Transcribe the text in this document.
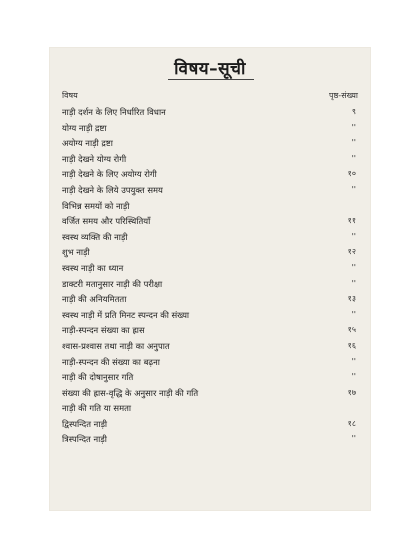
विषय–सूची
विषय	पृष्ठ-संख्या
नाड़ी दर्शन के लिए निर्धारित विधान	९
योग्य नाड़ी द्रष्टा	''
अयोग्य नाड़ी द्रष्टा	''
नाड़ी देखने योग्य रोगी	''
नाड़ी देखने के लिए अयोग्य रोगी	१०
नाड़ी देखने के लिये उपयुक्त समय	''
विभिन्न समयों को नाड़ी
वर्जित समय और परिस्थितियाँ	११
स्वस्थ व्यक्ति की नाड़ी	''
शुभ नाड़ी	१२
स्वस्थ नाड़ी का ध्यान	''
डाक्टरी मतानुसार नाड़ी की परीक्षा	''
नाड़ी की अनियमितता	१३
स्वस्थ नाड़ी में प्रति मिनट स्पन्दन की संख्या	''
नाड़ी-स्पन्दन संख्या का ह्रास	१५
श्वास-प्रश्वास तथा नाड़ी का अनुपात	१६
नाड़ी-स्पन्दन की संख्या का बढ़ना	''
नाड़ी की दोषानुसार गति	''
संख्या की ह्रास-वृद्धि के अनुसार नाड़ी की गति	१७
नाड़ी की गति या समता
द्विस्पन्दित नाड़ी	१८
त्रिस्पन्दित नाड़ी	''
